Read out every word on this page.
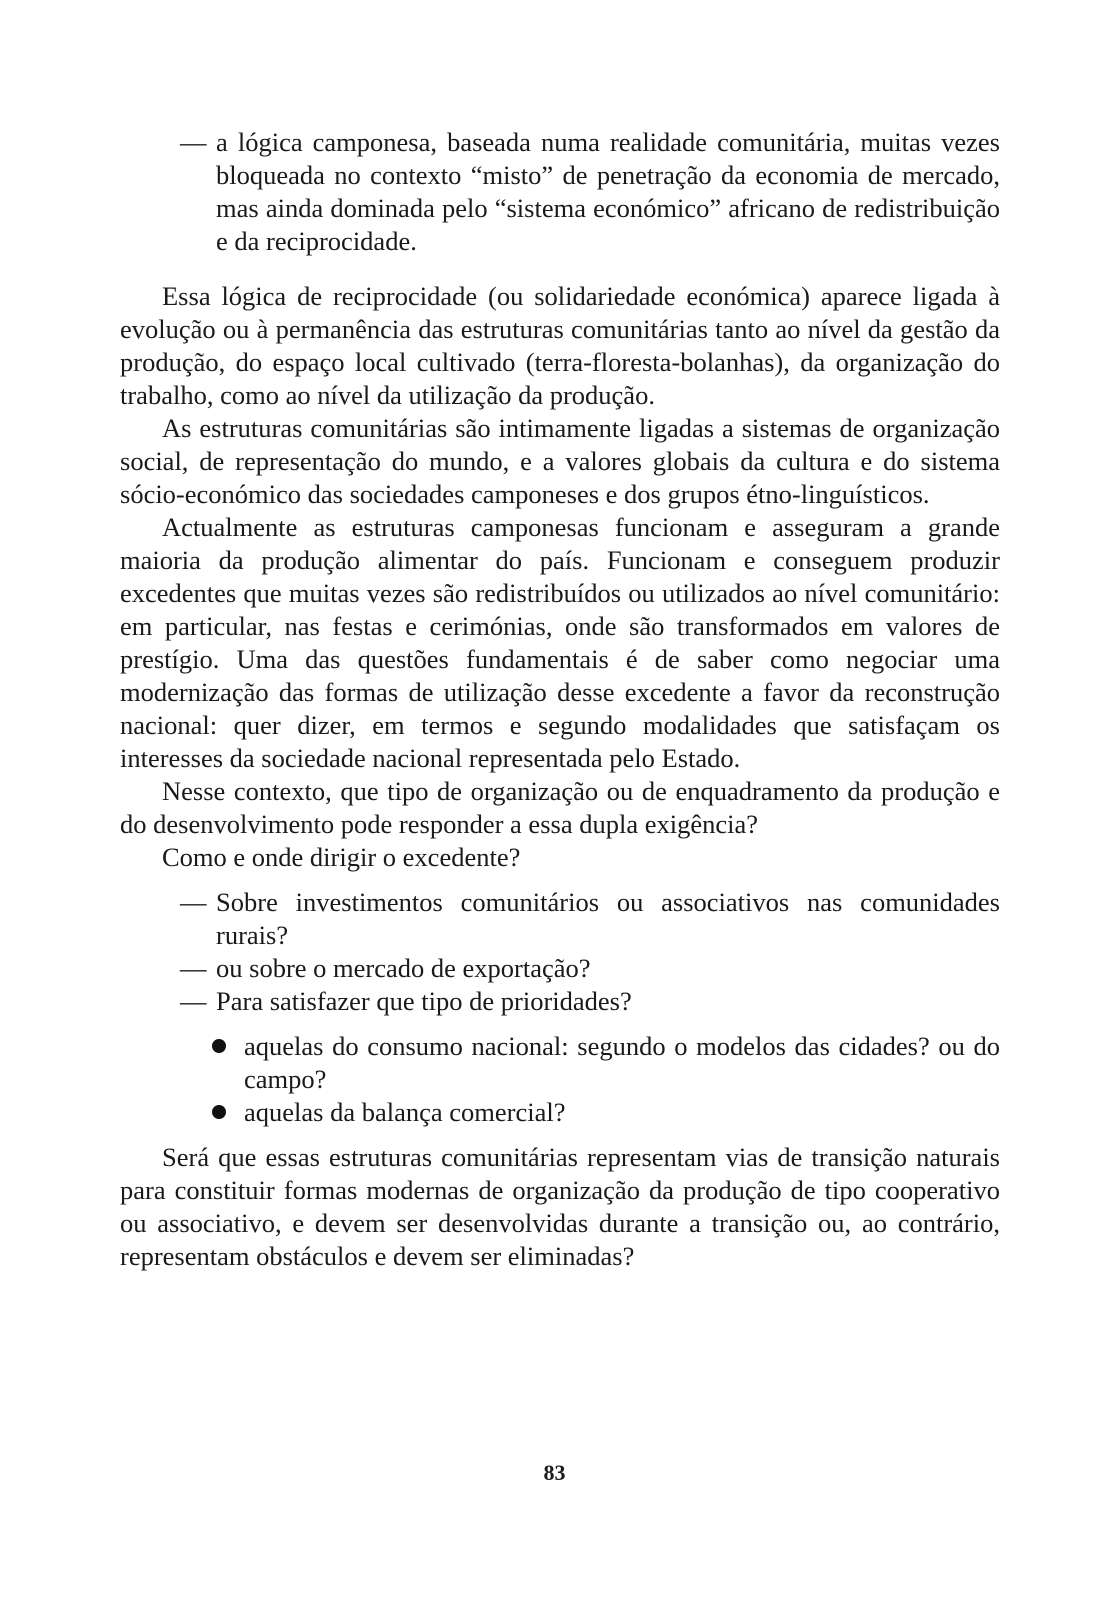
— a lógica camponesa, baseada numa realidade comunitária, muitas vezes bloqueada no contexto “misto” de penetração da economia de mercado, mas ainda dominada pelo “sistema económico” africano de redistribuição e da reciprocidade.

Essa lógica de reciprocidade (ou solidariedade económica) aparece ligada à evolução ou à permanência das estruturas comunitárias tanto ao nível da gestão da produção, do espaço local cultivado (terra-floresta-bolanhas), da organização do trabalho, como ao nível da utilização da produção.

As estruturas comunitárias são intimamente ligadas a sistemas de organização social, de representação do mundo, e a valores globais da cultura e do sistema sócio-económico das sociedades camponeses e dos grupos étno-linguísticos.

Actualmente as estruturas camponesas funcionam e asseguram a grande maioria da produção alimentar do país. Funcionam e conseguem produzir excedentes que muitas vezes são redistribuídos ou utilizados ao nível comunitário: em particular, nas festas e cerimónias, onde são transformados em valores de prestígio. Uma das questões fundamentais é de saber como negociar uma modernização das formas de utilização desse excedente a favor da reconstrução nacional: quer dizer, em termos e segundo modalidades que satisfaçam os interesses da sociedade nacional representada pelo Estado.

Nesse contexto, que tipo de organização ou de enquadramento da produção e do desenvolvimento pode responder a essa dupla exigência?

Como e onde dirigir o excedente?

— Sobre investimentos comunitários ou associativos nas comunidades rurais?
— ou sobre o mercado de exportação?
— Para satisfazer que tipo de prioridades?
aquelas do consumo nacional: segundo o modelos das cidades? ou do campo?
aquelas da balança comercial?

Será que essas estruturas comunitárias representam vias de transição naturais para constituir formas modernas de organização da produção de tipo cooperativo ou associativo, e devem ser desenvolvidas durante a transição ou, ao contrário, representam obstáculos e devem ser eliminadas?

83
